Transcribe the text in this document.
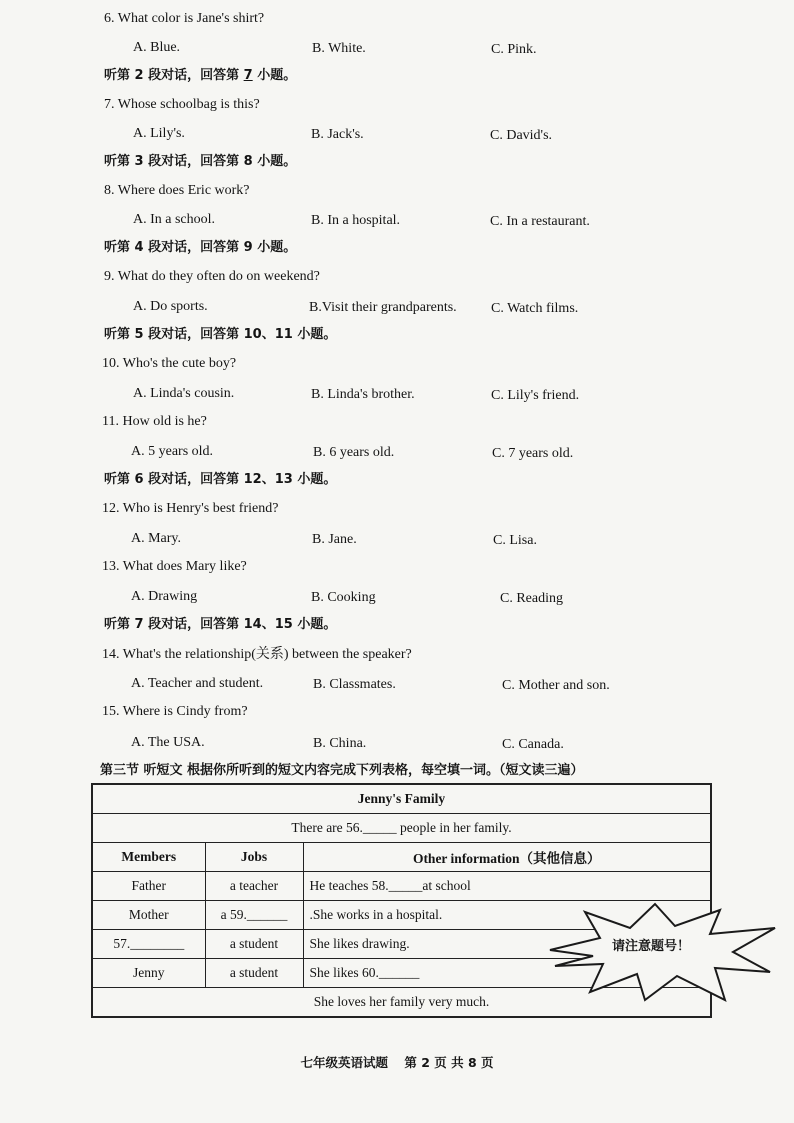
6. What color is Jane's shirt?
A. Blue.	B. White.	C. Pink.
听第 2 段对话，回答第 7 小题。
7. Whose schoolbag is this?
A. Lily's.	B. Jack's.	C. David's.
听第 3 段对话，回答第 8 小题。
8. Where does Eric work?
A. In a school.	B. In a hospital.	C. In a restaurant.
听第 4 段对话，回答第 9 小题。
9. What do they often do on weekend?
A. Do sports.	B.Visit their grandparents. C. Watch films.
听第 5 段对话，回答第 10、11 小题。
10. Who's the cute boy?
A. Linda's cousin.	B. Linda's brother.	C. Lily's friend.
11. How old is he?
A. 5 years old.	B. 6 years old.	C. 7 years old.
听第 6 段对话，回答第 12、13 小题。
12. Who is Henry's best friend?
A. Mary.	B. Jane.	C. Lisa.
13. What does Mary like?
A. Drawing	B. Cooking	C. Reading
听第 7 段对话，回答第 14、15 小题。
14. What's the relationship(关系) between the speaker?
A. Teacher and student.	B. Classmates.	C. Mother and son.
15. Where is Cindy from?
A. The USA.	B. China.	C. Canada.
第三节 听短文 根据你所听到的短文内容完成下列表格，每空填一词。（短文读三遍）
Jenny's Family		
There are 56._____ people in her family.		
Members	Jobs	Other information（其他信息）
Father	a teacher	He teaches 58._____at school
Mother	a 59.______	.She works in a hospital.
57.________	a student	She likes drawing.
Jenny	a student	She likes 60.______
She loves her family very much.		
请注意题号！
七年级英语试题 第 2 页 共 8 页
